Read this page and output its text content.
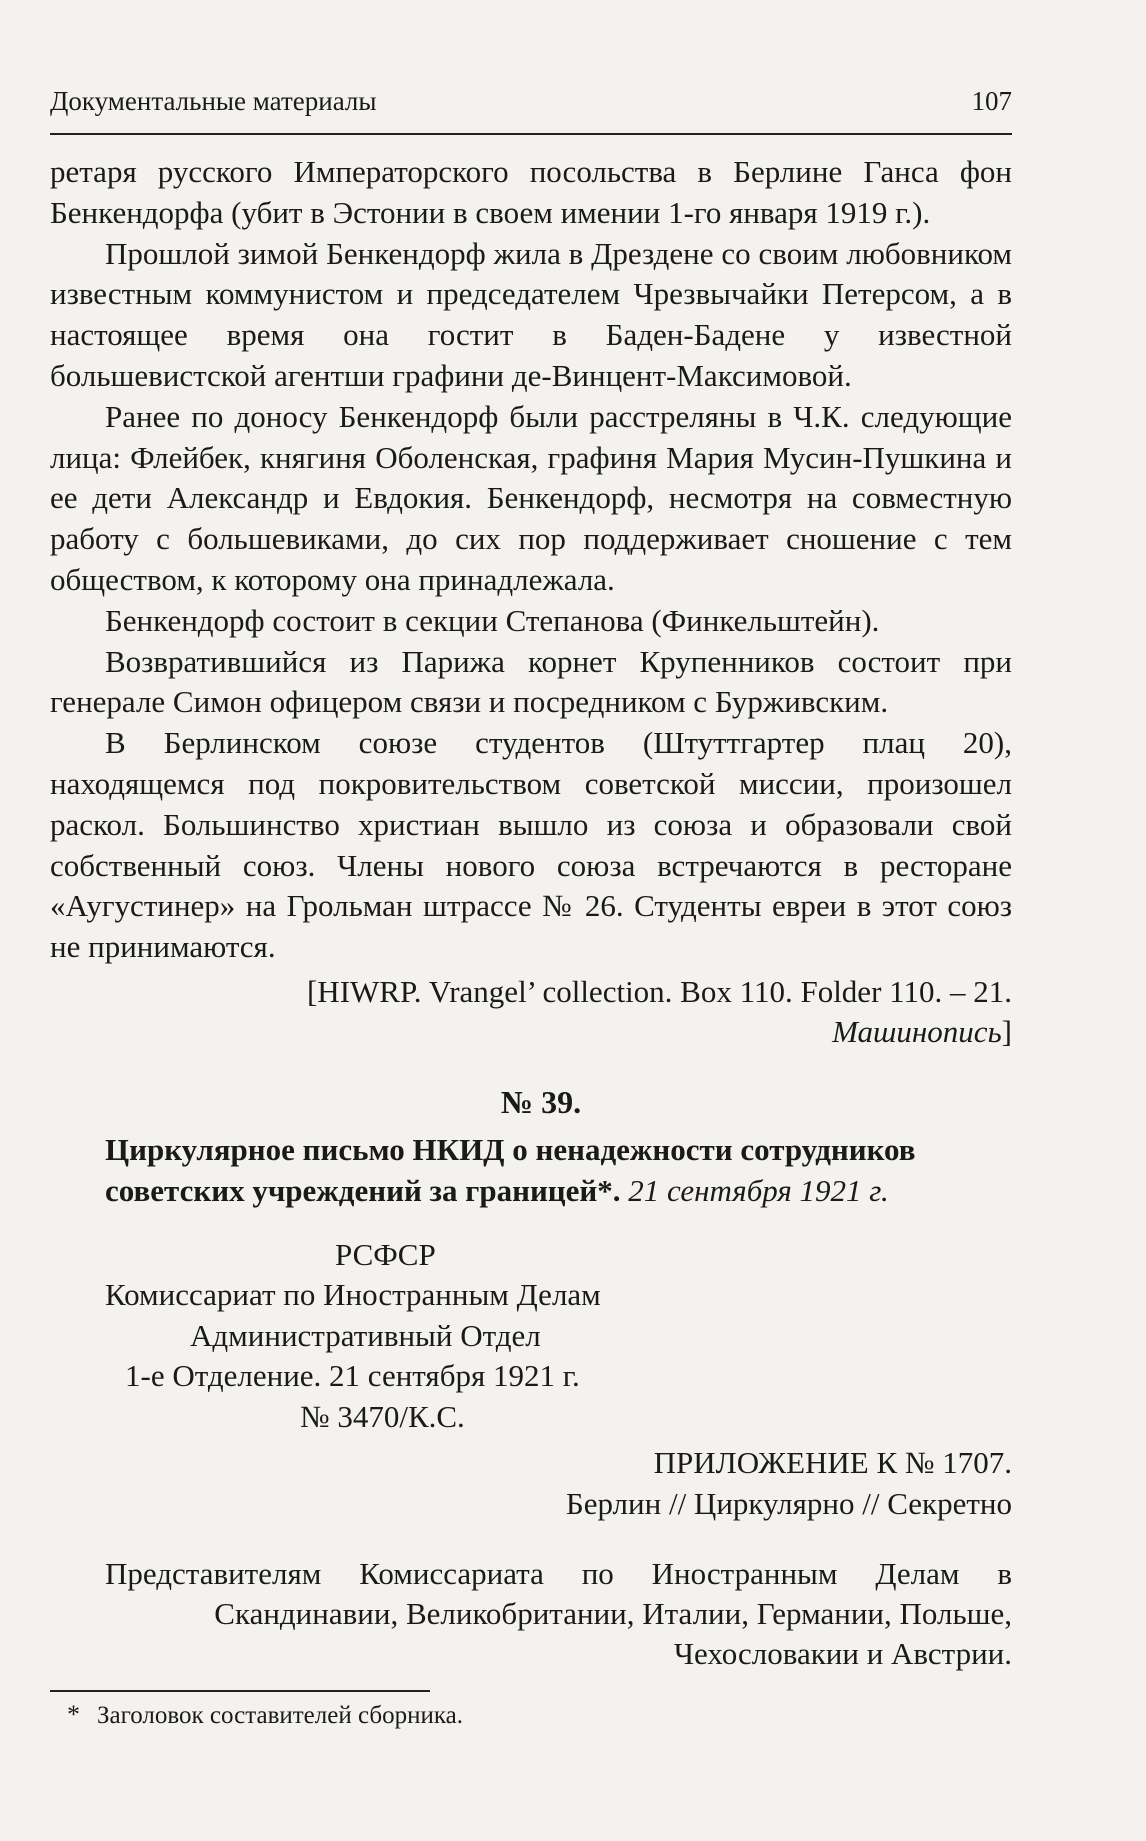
Документальные материалы	107

ретаря русского Императорского посольства в Берлине Ганса фон Бенкендорфа (убит в Эстонии в своем имении 1-го января 1919 г.).

Прошлой зимой Бенкендорф жила в Дрездене со своим любовником известным коммунистом и председателем Чрезвычайки Петерсом, а в настоящее время она гостит в Баден-Бадене у известной большевистской агентши графини де-Винцент-Максимовой.

Ранее по доносу Бенкендорф были расстреляны в Ч.К. следующие лица: Флейбек, княгиня Оболенская, графиня Мария Мусин-Пушкина и ее дети Александр и Евдокия. Бенкендорф, несмотря на совместную работу с большевиками, до сих пор поддерживает сношение с тем обществом, к которому она принадлежала.

Бенкендорф состоит в секции Степанова (Финкельштейн).

Возвратившийся из Парижа корнет Крупенников состоит при генерале Симон офицером связи и посредником с Бурживским.

В Берлинском союзе студентов (Штуттгартер плац 20), находящемся под покровительством советской миссии, произошел раскол. Большинство христиан вышло из союза и образовали свой собственный союз. Члены нового союза встречаются в ресторане «Аугустинер» на Грольман штрассе № 26. Студенты евреи в этот союз не принимаются.

[HIWRP. Vrangel’ collection. Box 110. Folder 110. – 21.
Машинопись]
№ 39.
Циркулярное письмо НКИД о ненадежности сотрудников советских учреждений за границей*. 21 сентября 1921 г.
РСФСР
Комиссариат по Иностранным Делам
Административный Отдел
1-е Отделение. 21 сентября 1921 г.
№ 3470/К.С.
ПРИЛОЖЕНИЕ К № 1707.
Берлин // Циркулярно // Секретно
Представителям Комиссариата по Иностранным Делам в
Скандинавии, Великобритании, Италии, Германии, Польше,
Чехословакии и Австрии.
* Заголовок составителей сборника.
